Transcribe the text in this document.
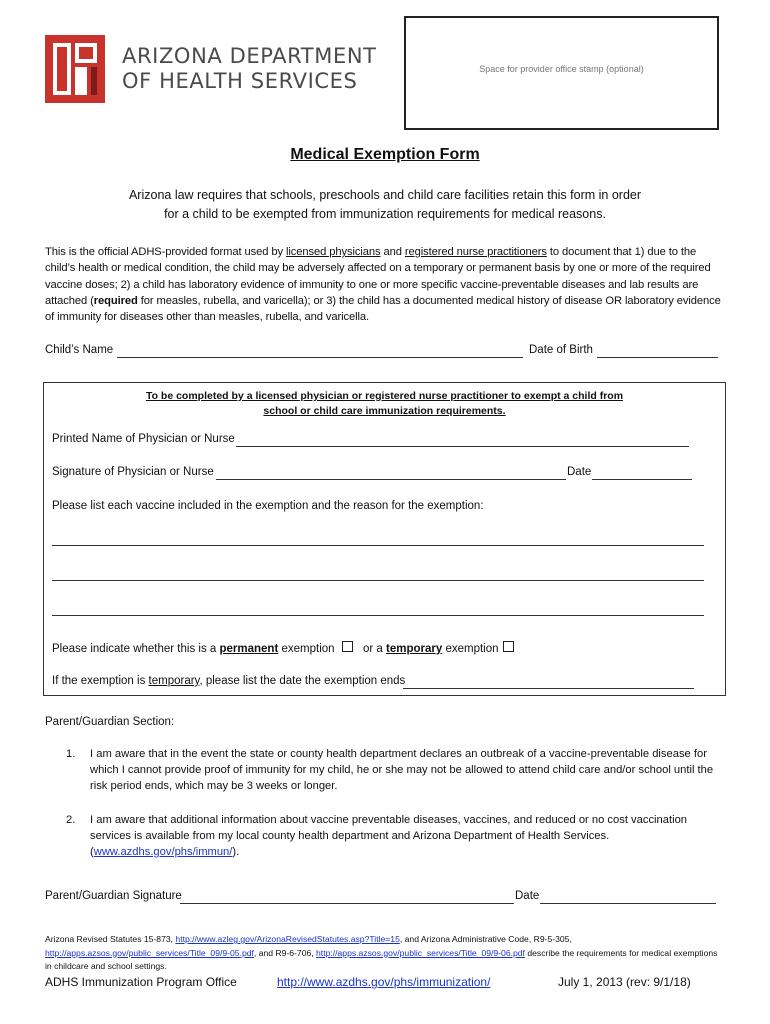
ARIZONA DEPARTMENT
OF HEALTH SERVICES	Space for provider office stamp (optional)
Medical Exemption Form
Arizona law requires that schools, preschools and child care facilities retain this form in order
for a child to be exempted from immunization requirements for medical reasons.
This is the official ADHS-provided format used by licensed physicians and registered nurse practitioners to document that 1) due to the child’s health or medical condition, the child may be adversely affected on a temporary or permanent basis by one or more of the required vaccine doses; 2) a child has laboratory evidence of immunity to one or more specific vaccine-preventable diseases and lab results are attached (required for measles, rubella, and varicella); or 3) the child has a documented medical history of disease OR laboratory evidence of immunity for diseases other than measles, rubella, and varicella.
Child’s Name	Date of Birth
To be completed by a licensed physician or registered nurse practitioner to exempt a child from
school or child care immunization requirements.
Printed Name of Physician or Nurse
Signature of Physician or Nurse	Date
Please list each vaccine included in the exemption and the reason for the exemption:
Please indicate whether this is a permanent exemption or a temporary exemption
If the exemption is temporary, please list the date the exemption ends
Parent/Guardian Section:
1. I am aware that in the event the state or county health department declares an outbreak of a vaccine-preventable disease for which I cannot provide proof of immunity for my child, he or she may not be allowed to attend child care and/or school until the risk period ends, which may be 3 weeks or longer.
2. I am aware that additional information about vaccine preventable diseases, vaccines, and reduced or no cost vaccination services is available from my local county health department and Arizona Department of Health Services. (www.azdhs.gov/phs/immun/).
Parent/Guardian Signature	Date
Arizona Revised Statutes 15-873, http://www.azleg.gov/ArizonaRevisedStatutes.asp?Title=15, and Arizona Administrative Code, R9-5-305, http://apps.azsos.gov/public_services/Title_09/9-05.pdf, and R9-6-706, http://apps.azsos.gov/public_services/Title_09/9-06.pdf describe the requirements for medical exemptions in childcare and school settings.
ADHS Immunization Program Office	http://www.azdhs.gov/phs/immunization/	July 1, 2013 (rev: 9/1/18)
